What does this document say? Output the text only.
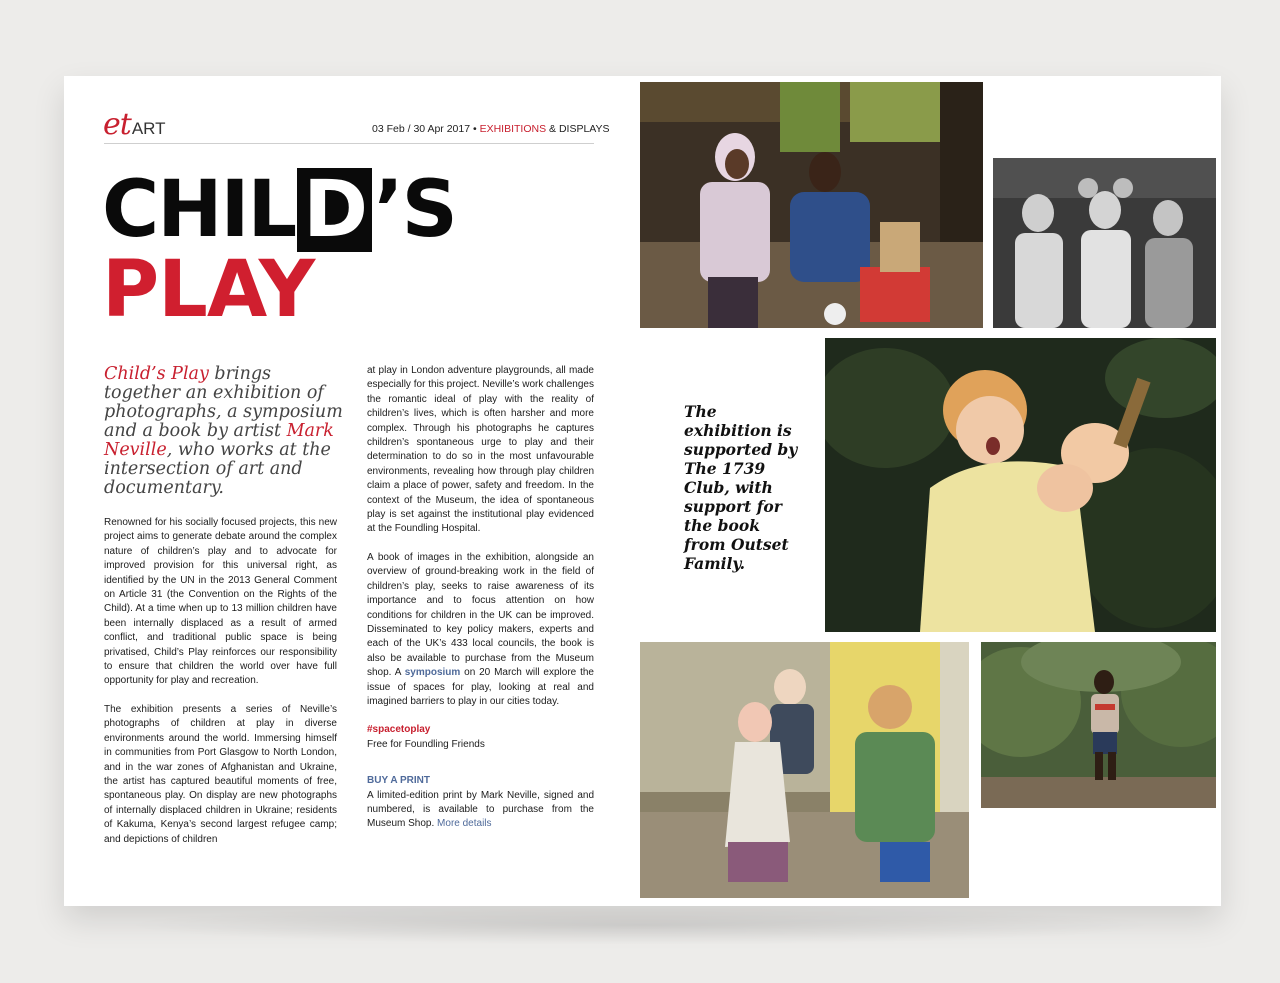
etART	03 Feb / 30 Apr 2017 • EXHIBITIONS & DISPLAYS
CHIL D ’S
PLAY
Child’s Play brings together an exhibition of photographs, a symposium and a book by artist Mark Neville, who works at the intersection of art and documentary.

Renowned for his socially focused projects, this new project aims to generate debate around the complex nature of children’s play and to advocate for improved provision for this universal right, as identified by the UN in the 2013 General Comment on Article 31 (the Convention on the Rights of the Child). At a time when up to 13 million children have been internally displaced as a result of armed conflict, and traditional public space is being privatised, Child’s Play reinforces our responsibility to ensure that children the world over have full opportunity for play and recreation.

The exhibition presents a series of Neville’s photographs of children at play in diverse environments around the world. Immersing himself in communities from Port Glasgow to North London, and in the war zones of Afghanistan and Ukraine, the artist has captured beautiful moments of free, spontaneous play. On display are new photographs of internally displaced children in Ukraine; residents of Kakuma, Kenya’s second largest refugee camp; and depictions of children

at play in London adventure playgrounds, all made especially for this project. Neville’s work challenges the romantic ideal of play with the reality of children’s lives, which is often harsher and more complex. Through his photographs he captures children’s spontaneous urge to play and their determination to do so in the most unfavourable environments, revealing how through play children claim a place of power, safety and freedom. In the context of the Museum, the idea of spontaneous play is set against the institutional play evidenced at the Foundling Hospital.

A book of images in the exhibition, alongside an overview of ground-breaking work in the field of children’s play, seeks to raise awareness of its importance and to focus attention on how conditions for children in the UK can be improved. Disseminated to key policy makers, experts and each of the UK’s 433 local councils, the book is also be available to purchase from the Museum shop. A symposium on 20 March will explore the issue of spaces for play, looking at real and imagined barriers to play in our cities today.

#spacetoplay
Free for Foundling Friends
BUY A PRINT
A limited-edition print by Mark Neville, signed and numbered, is available to purchase from the Museum Shop. More details
The exhibition is supported by The 1739 Club, with support for the book from Outset Family.
